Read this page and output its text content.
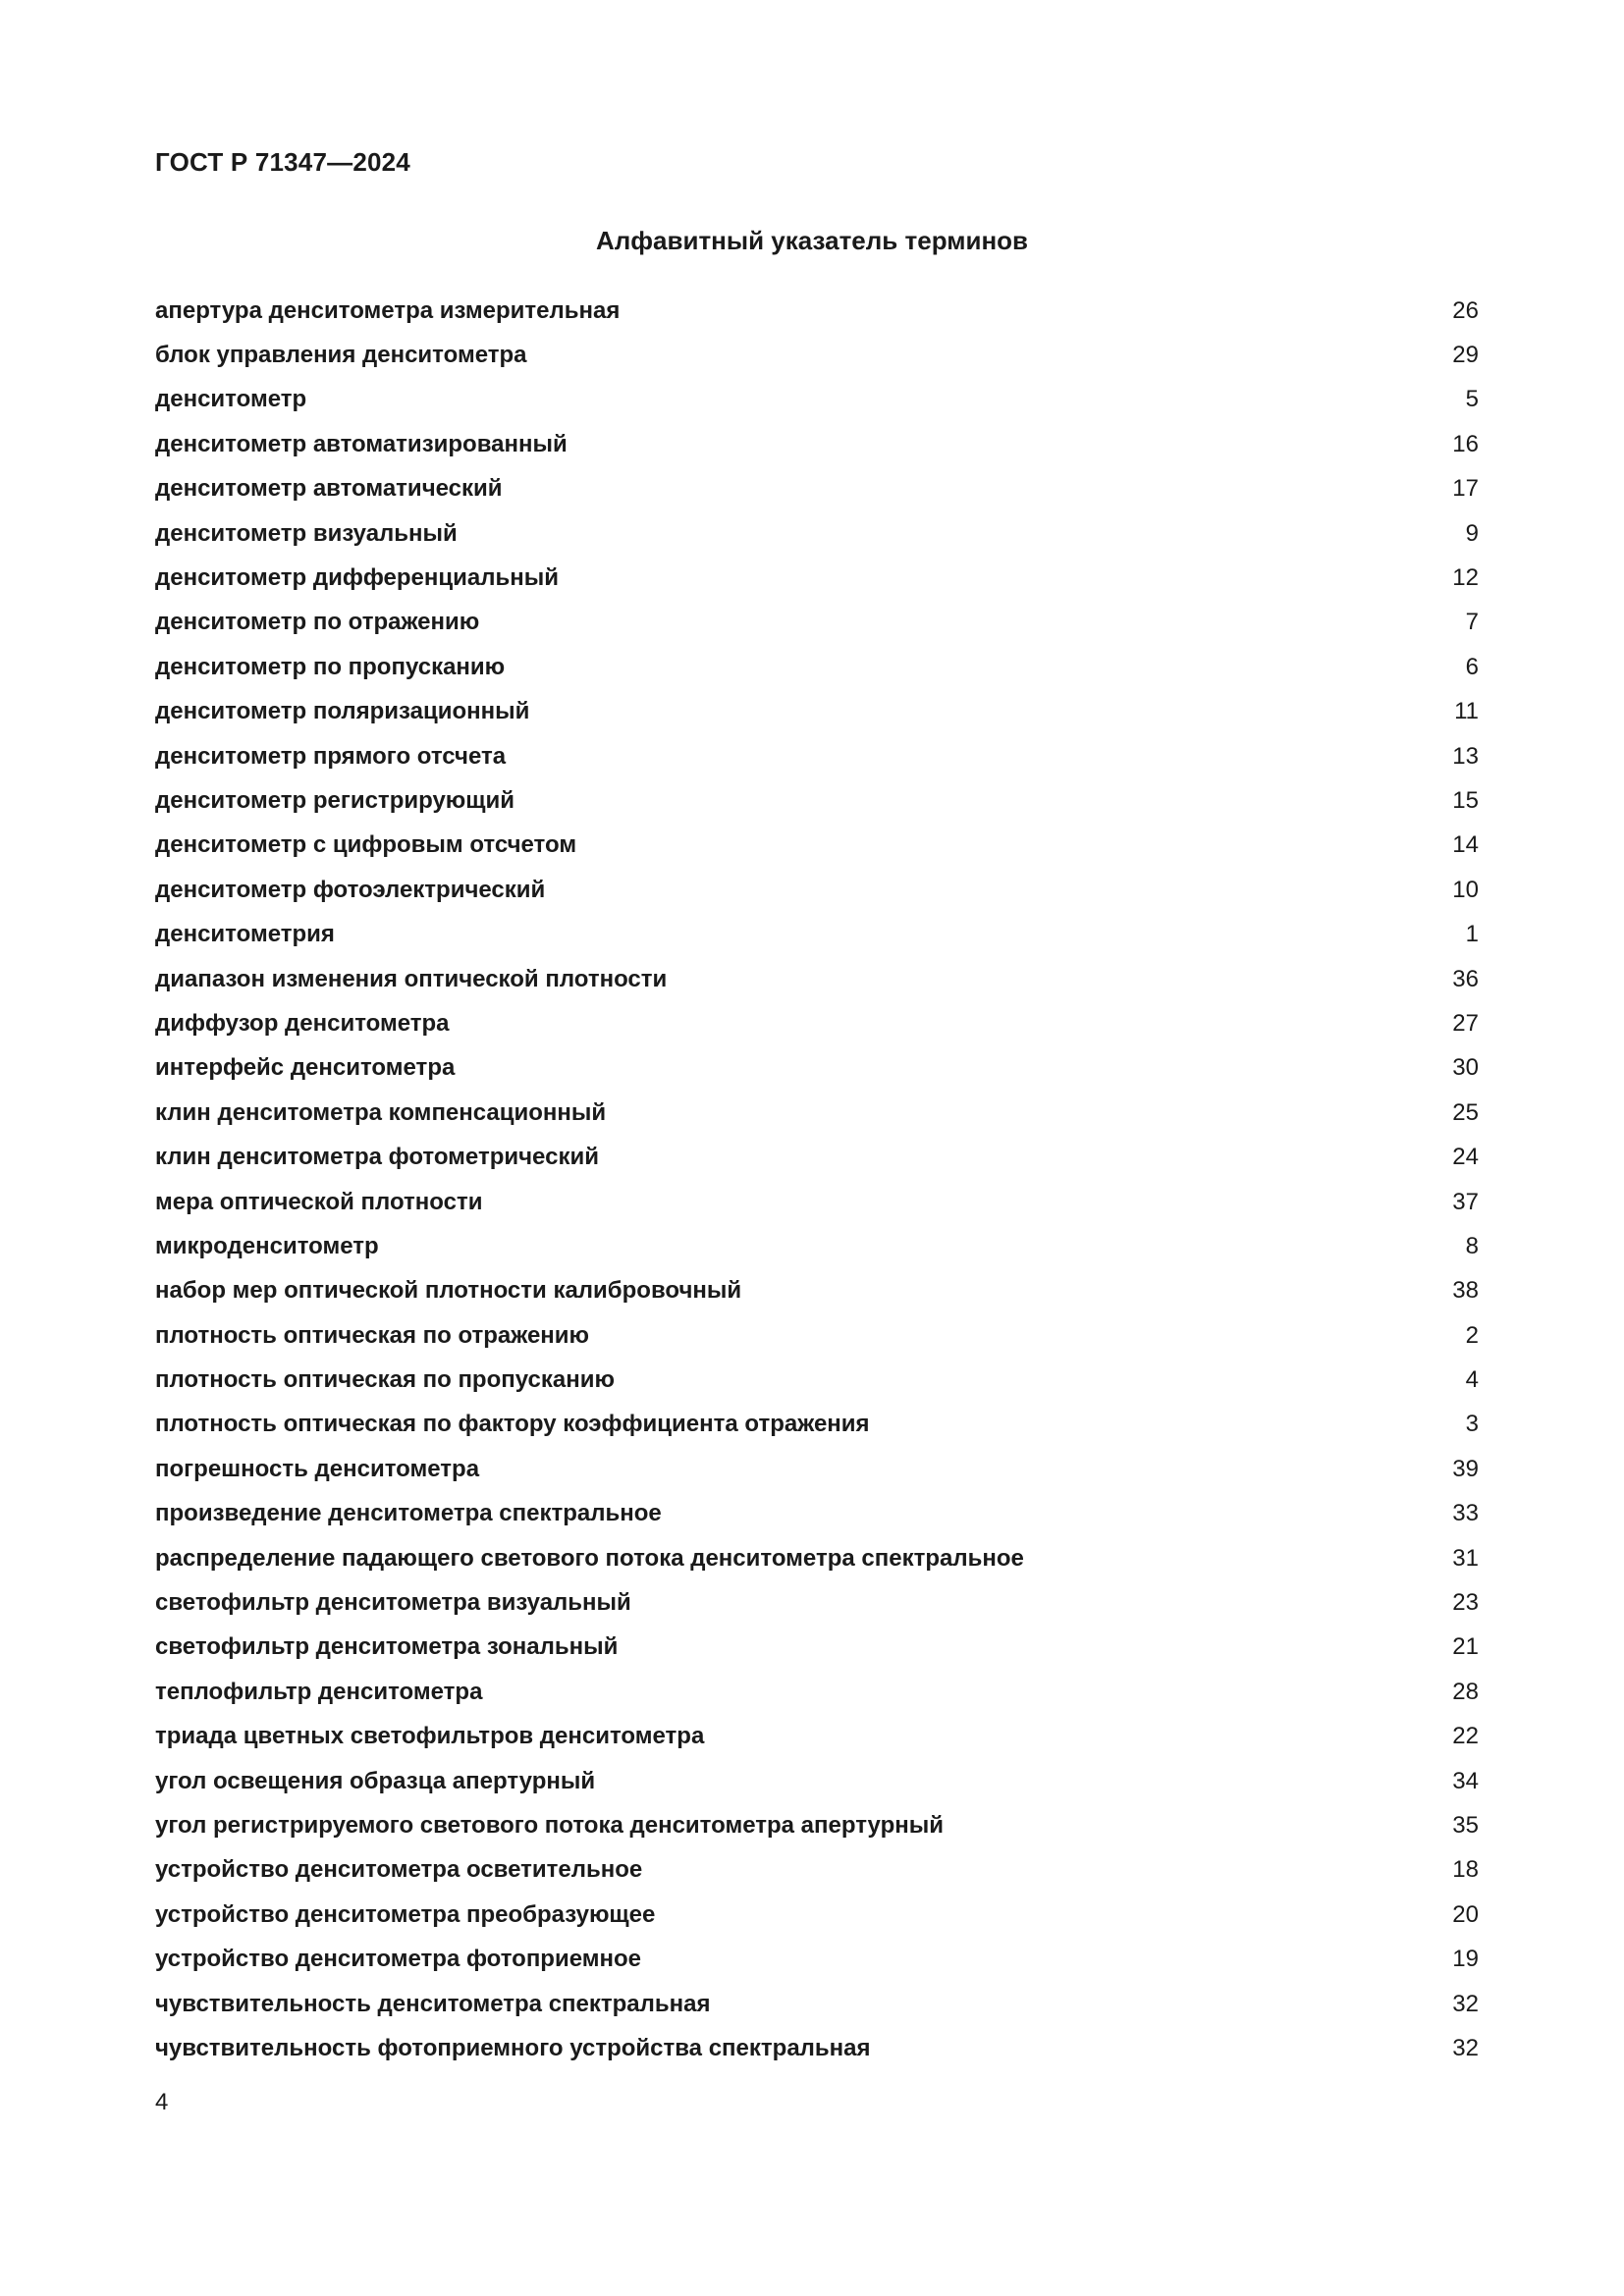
ГОСТ Р 71347—2024
Алфавитный указатель терминов
апертура денситометра измерительная	26
блок управления денситометра	29
денситометр	5
денситометр автоматизированный	16
денситометр автоматический	17
денситометр визуальный	9
денситометр дифференциальный	12
денситометр по отражению	7
денситометр по пропусканию	6
денситометр поляризационный	11
денситометр прямого отсчета	13
денситометр регистрирующий	15
денситометр с цифровым отсчетом	14
денситометр фотоэлектрический	10
денситометрия	1
диапазон изменения оптической плотности	36
диффузор денситометра	27
интерфейс денситометра	30
клин денситометра компенсационный	25
клин денситометра фотометрический	24
мера оптической плотности	37
микроденситометр	8
набор мер оптической плотности калибровочный	38
плотность оптическая по отражению	2
плотность оптическая по пропусканию	4
плотность оптическая по фактору коэффициента отражения	3
погрешность денситометра	39
произведение денситометра спектральное	33
распределение падающего светового потока денситометра спектральное	31
светофильтр денситометра визуальный	23
светофильтр денситометра зональный	21
теплофильтр денситометра	28
триада цветных светофильтров денситометра	22
угол освещения образца апертурный	34
угол регистрируемого светового потока денситометра апертурный	35
устройство денситометра осветительное	18
устройство денситометра преобразующее	20
устройство денситометра фотоприемное	19
чувствительность денситометра спектральная	32
чувствительность фотоприемного устройства спектральная	32
4
